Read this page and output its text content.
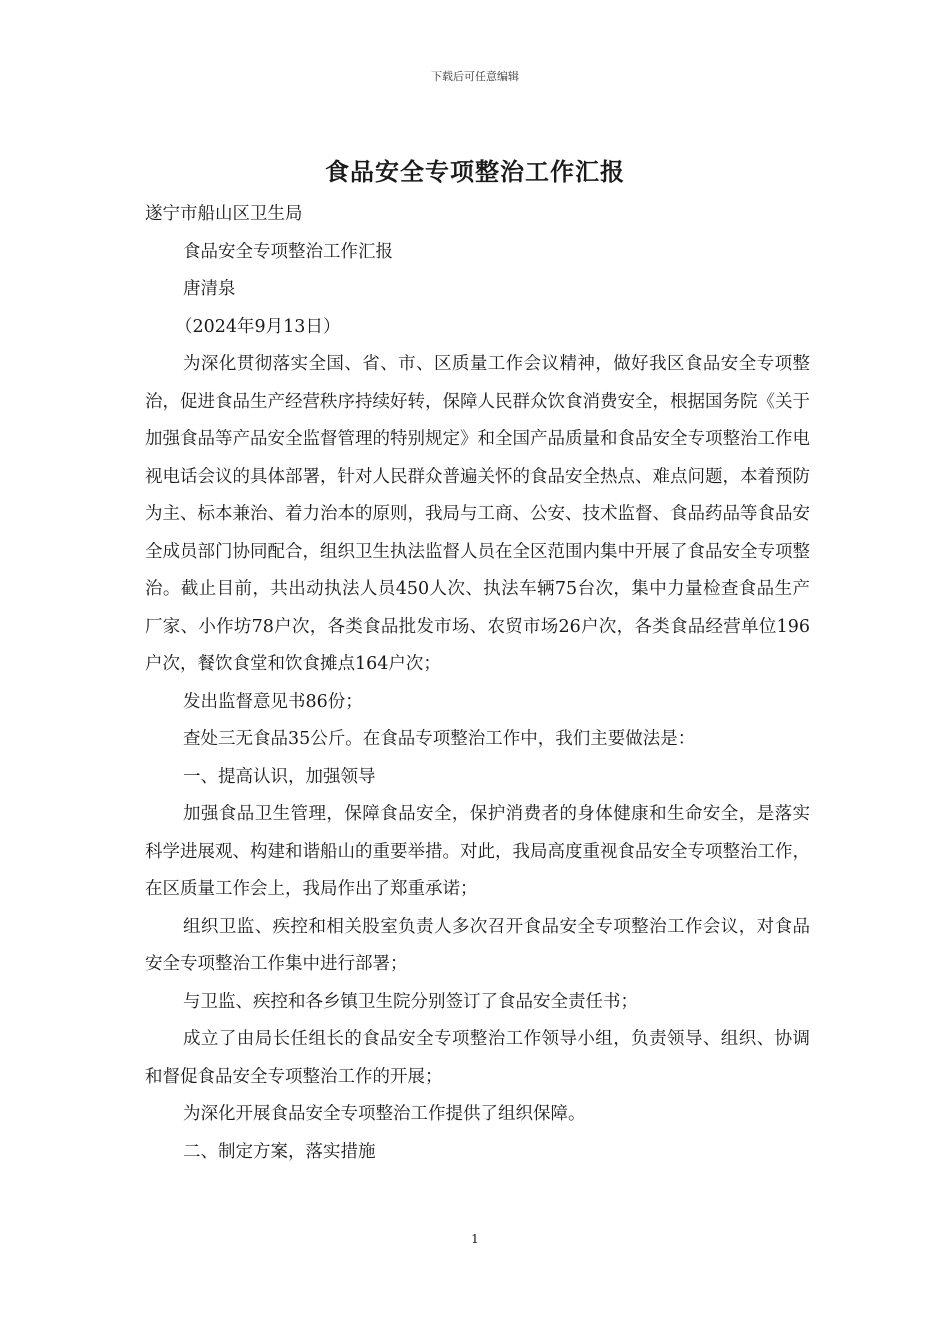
下载后可任意编辑
食品安全专项整治工作汇报

遂宁市船山区卫生局

食品安全专项整治工作汇报

唐清泉

（2024年9月13日）

为深化贯彻落实全国、省、市、区质量工作会议精神，做好我区食品安全专项整治，促进食品生产经营秩序持续好转，保障人民群众饮食消费安全，根据国务院《关于加强食品等产品安全监督管理的特别规定》和全国产品质量和食品安全专项整治工作电视电话会议的具体部署，针对人民群众普遍关怀的食品安全热点、难点问题，本着预防为主、标本兼治、着力治本的原则，我局与工商、公安、技术监督、食品药品等食品安全成员部门协同配合，组织卫生执法监督人员在全区范围内集中开展了食品安全专项整治。截止目前，共出动执法人员450人次、执法车辆75台次，集中力量检查食品生产厂家、小作坊78户次，各类食品批发市场、农贸市场26户次，各类食品经营单位196户次，餐饮食堂和饮食摊点164户次；

发出监督意见书86份；

查处三无食品35公斤。在食品专项整治工作中，我们主要做法是：

一、提高认识，加强领导

加强食品卫生管理，保障食品安全，保护消费者的身体健康和生命安全，是落实科学进展观、构建和谐船山的重要举措。对此，我局高度重视食品安全专项整治工作，在区质量工作会上，我局作出了郑重承诺；

组织卫监、疾控和相关股室负责人多次召开食品安全专项整治工作会议，对食品安全专项整治工作集中进行部署；

与卫监、疾控和各乡镇卫生院分别签订了食品安全责任书；

成立了由局长任组长的食品安全专项整治工作领导小组，负责领导、组织、协调和督促食品安全专项整治工作的开展；

为深化开展食品安全专项整治工作提供了组织保障。

二、制定方案，落实措施

1
